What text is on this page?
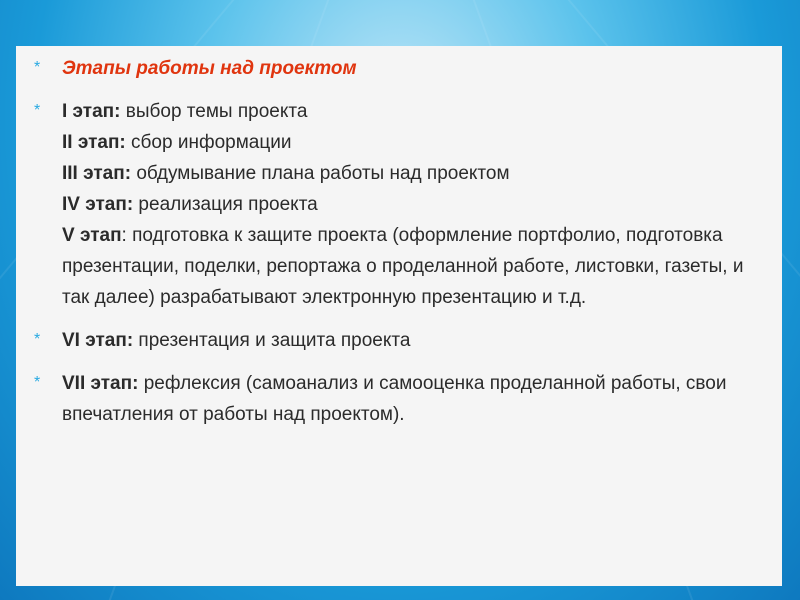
* Этапы работы над проектом
* I этап: выбор темы проекта
II этап: сбор информации
III этап: обдумывание плана работы над проектом
IV этап: реализация проекта
V этап: подготовка к защите проекта (оформление портфолио, подготовка презентации, поделки, репортажа о проделанной работе, листовки, газеты, и так далее) разрабатывают электронную презентацию и т.д.
* VI этап: презентация и защита проекта
* VII этап: рефлексия (самоанализ и самооценка проделанной работы, свои впечатления от работы над проектом).
